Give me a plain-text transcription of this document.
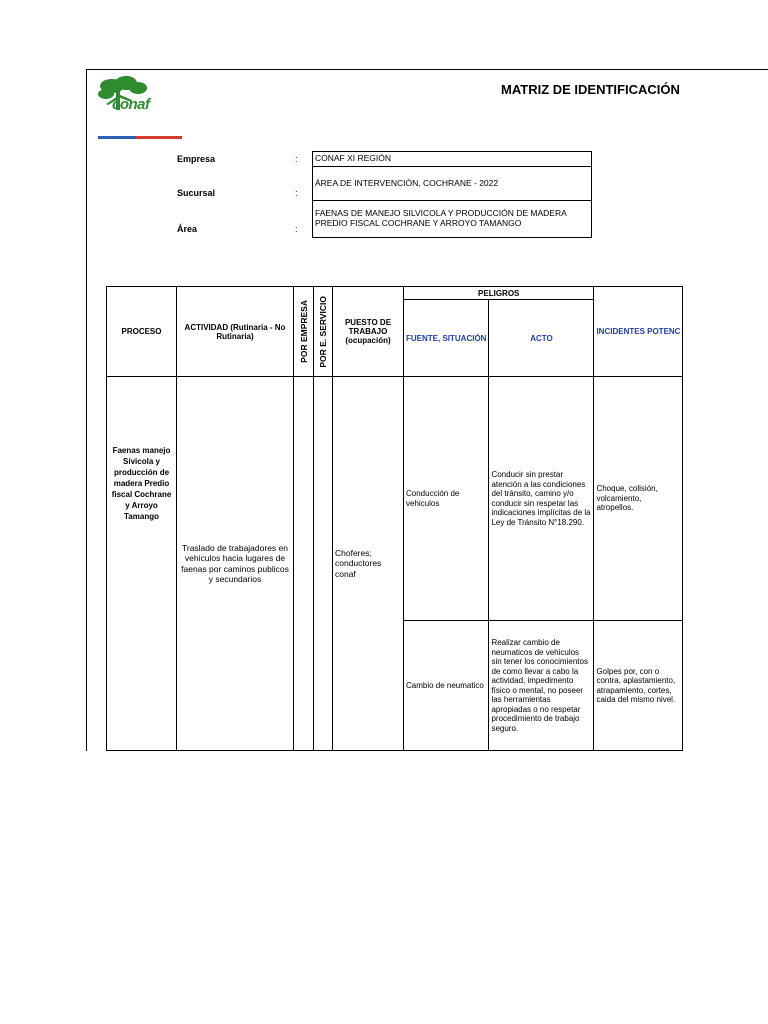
conaf
MATRIZ DE IDENTIFICACIÓN
Empresa	:	CONAF XI REGIÓN
Sucursal	:
ÁREA DE INTERVENCIÓN, COCHRANE - 2022
Área	:
FAENAS DE MANEJO SILVICOLA Y PRODUCCIÓN DE MADERA PREDIO FISCAL COCHRANE Y ARROYO TAMANGO
PROCESO	ACTIVIDAD (Rutinaria - No Rutinaria)	POR EMPRESA	POR E. SERVICIO	PUESTO DE TRABAJO (ocupación)	PELIGROS		INCIDENTES POTENC
					FUENTE, SITUACIÓN	ACTO	
Faenas manejo Sívicola y producción de madera Predio fiscal Cochrane y Arroyo Tamango	Traslado de trabajadores en vehiculos hacia lugares de faenas por caminos publicos y secundarios			Choferes; conductores conaf	Conducción de vehiculos	Conducir sin prestar atención a las condiciones del tránsito, camino y/o conducir sin respetar las indicaciones implícitas de la Ley de Tránsito N°18.290.	Choque, colisión, volcamiento, atropellos.
					Cambio de neumatico	Realizar cambio de neumaticos de vehiculos sin tener los conocimientos de como llevar a cabo la actividad, impedimento físico o mental, no poseer las herramientas apropiadas o no respetar procedimiento de trabajo seguro.	Golpes por, con o contra, aplastamiento, atrapamiento, cortes, caida del mismo nivel.
